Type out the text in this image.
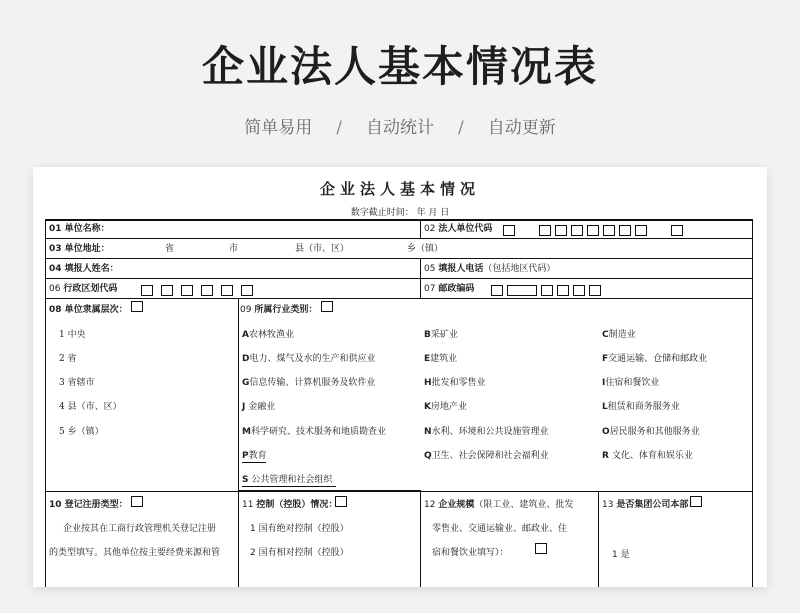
企业法人基本情况表
简单易用 / 自动统计 / 自动更新
企业法人基本情况
数字截止时间： 年 月 日
01 单位名称：	02 法人单位代码
03 单位地址：	省	市	县（市、区）	乡（镇）
04 填报人姓名：	05 填报人电话（包括地区代码）
06 行政区划代码	07 邮政编码
08 单位隶属层次：
1 中央
2 省
3 省辖市
4 县（市、区）
5 乡（镇）
09 所属行业类别：
A农林牧渔业	B采矿业	C制造业
D电力、煤气及水的生产和供应业	E建筑业	F交通运输、仓储和邮政业
G信息传输、计算机服务及软件业	H批发和零售业	I住宿和餐饮业
J 金融业	K房地产业	L租赁和商务服务业
M科学研究、技术服务和地质勘查业	N水利、环境和公共设施管理业	O居民服务和其他服务业
P教育	Q卫生、社会保障和社会福利业	R 文化、体育和娱乐业
S 公共管理和社会组织
10 登记注册类型：
企业按其在工商行政管理机关登记注册
的类型填写。其他单位按主要经费来源和管
11 控制（控股）情况：
1 国有绝对控制（控股）
2 国有相对控制（控股）
12 企业规模（限工业、建筑业、批发
零售业、交通运输业、邮政业、住
宿和餐饮业填写）：
13 是否集团公司本部：
1 是
